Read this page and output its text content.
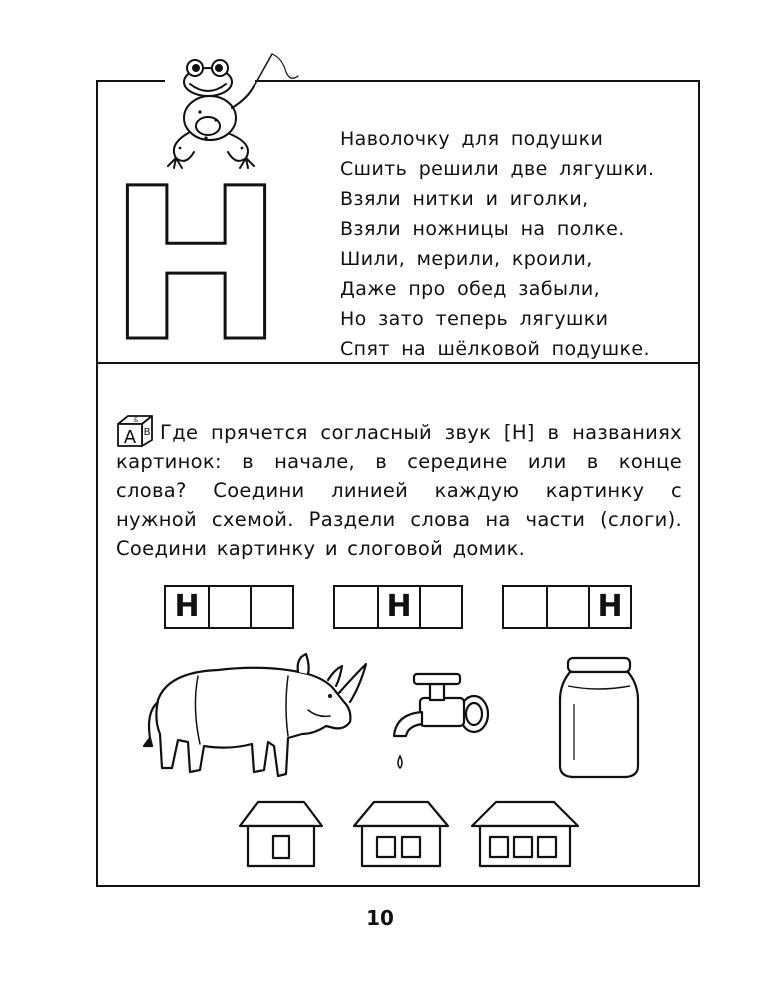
Н
Наволочку для подушки
Сшить решили две лягушки.
Взяли нитки и иголки,
Взяли ножницы на полке.
Шили, мерили, кроили,
Даже про обед забыли,
Но зато теперь лягушки
Спят на шёлковой подушке.
А В
Б

Где прячется согласный звук [Н] в названиях картинок: в начале, в середине или в конце слова? Соедини линией каждую картинку с нужной схемой. Раздели слова на части (слоги). Соедини картинку и слоговой домик.

Н	Н	Н
10
